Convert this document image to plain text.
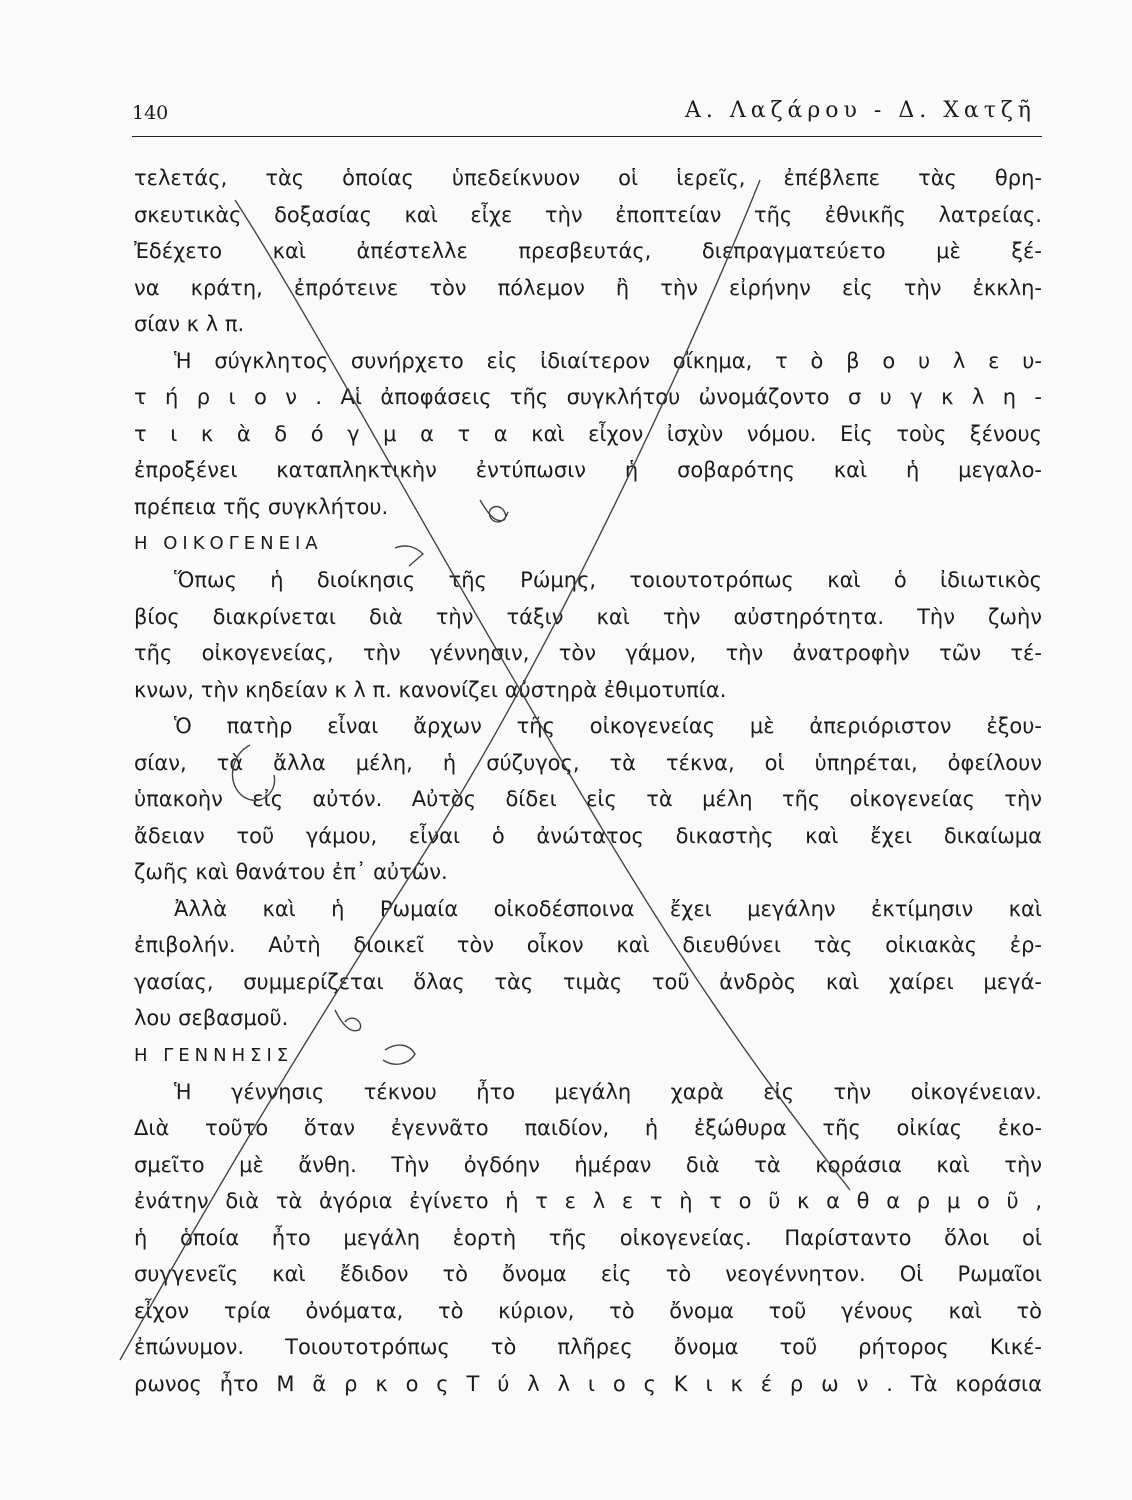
140	Α. Λαζάρου - Δ. Χατζῆ
τελετάς, τὰς ὁποίας ὑπεδείκνυον οἱ ἱερεῖς, ἐπέβλεπε τὰς θρη-
σκευτικὰς δοξασίας καὶ εἶχε τὴν ἐποπτείαν τῆς ἐθνικῆς λατρείας.
Ἐδέχετο καὶ ἀπέστελλε πρεσβευτάς, διεπραγματεύετο μὲ ξέ-
να κράτη, ἐπρότεινε τὸν πόλεμον ἢ τὴν εἰρήνην εἰς τὴν ἐκκλη-
σίαν κ λ π.
Ἡ σύγκλητος συνήρχετο εἰς ἰδιαίτερον οἴκημα, τ ὸ β ο υ λ ε υ-
τ ή ρ ι ο ν . Αἱ ἀποφάσεις τῆς συγκλήτου ὠνομάζοντο σ υ γ κ λ η -
τ ι κ ὰ δ ό γ μ α τ α καὶ εἶχον ἰσχὺν νόμου. Εἰς τοὺς ξένους
ἐπροξένει καταπληκτικὴν ἐντύπωσιν ἡ σοβαρότης καὶ ἡ μεγαλο-
πρέπεια τῆς συγκλήτου.
Η ΟΙΚΟΓΕΝΕΙΑ
Ὅπως ἡ διοίκησις τῆς Ρώμης, τοιουτοτρόπως καὶ ὁ ἰδιωτικὸς
βίος διακρίνεται διὰ τὴν τάξιν καὶ τὴν αὐστηρότητα. Τὴν ζωὴν
τῆς οἰκογενείας, τὴν γέννησιν, τὸν γάμον, τὴν ἀνατροφὴν τῶν τέ-
κνων, τὴν κηδείαν κ λ π. κανονίζει αὐστηρὰ ἐθιμοτυπία.
Ὁ πατὴρ εἶναι ἄρχων τῆς οἰκογενείας μὲ ἀπεριόριστον ἐξου-
σίαν, τὰ ἄλλα μέλη, ἡ σύζυγος, τὰ τέκνα, οἱ ὑπηρέται, ὀφείλουν
ὑπακοὴν εἰς αὐτόν. Αὐτὸς δίδει εἰς τὰ μέλη τῆς οἰκογενείας τὴν
ἄδειαν τοῦ γάμου, εἶναι ὁ ἀνώτατος δικαστὴς καὶ ἔχει δικαίωμα
ζωῆς καὶ θανάτου ἐπ᾽ αὐτῶν.
Ἀλλὰ καὶ ἡ Ρωμαία οἰκοδέσποινα ἔχει μεγάλην ἐκτίμησιν καὶ
ἐπιβολήν. Αὐτὴ διοικεῖ τὸν οἶκον καὶ διευθύνει τὰς οἰκιακὰς ἐρ-
γασίας, συμμερίζεται ὅλας τὰς τιμὰς τοῦ ἀνδρὸς καὶ χαίρει μεγά-
λου σεβασμοῦ.
Η ΓΕΝΝΗΣΙΣ
Ἡ γέννησις τέκνου ἦτο μεγάλη χαρὰ εἰς τὴν οἰκογένειαν.
Διὰ τοῦτο ὅταν ἐγεννᾶτο παιδίον, ἡ ἐξώθυρα τῆς οἰκίας ἐκο-
σμεῖτο μὲ ἄνθη. Τὴν ὀγδόην ἡμέραν διὰ τὰ κοράσια καὶ τὴν
ἐνάτην διὰ τὰ ἀγόρια ἐγίνετο ἡ τ ε λ ε τ ὴ τ ο ῦ κ α θ α ρ μ ο ῦ ,
ἡ ὁποία ἦτο μεγάλη ἑορτὴ τῆς οἰκογενείας. Παρίσταντο ὅλοι οἱ
συγγενεῖς καὶ ἔδιδον τὸ ὄνομα εἰς τὸ νεογέννητον. Οἱ Ρωμαῖοι
εἶχον τρία ὀνόματα, τὸ κύριον, τὸ ὄνομα τοῦ γένους καὶ τὸ
ἐπώνυμον. Τοιουτοτρόπως τὸ πλῆρες ὄνομα τοῦ ρήτορος Κικέ-
ρωνος ἦτο Μ ᾶ ρ κ ο ς Τ ύ λ λ ι ο ς Κ ι κ έ ρ ω ν . Τὰ κοράσια
